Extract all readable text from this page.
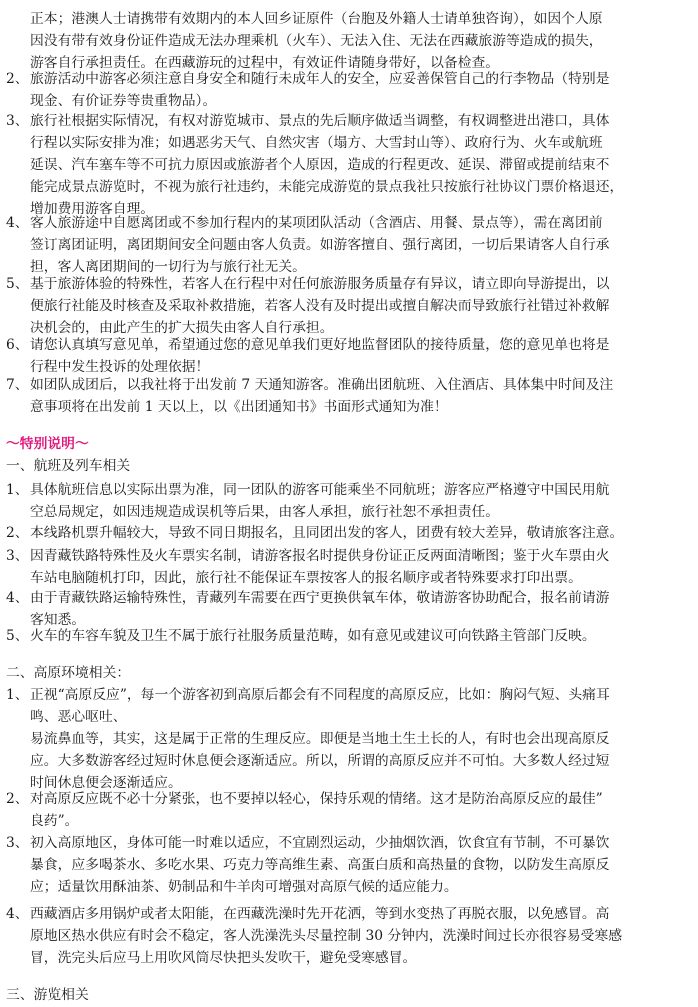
正本；港澳人士请携带有效期内的本人回乡证原件（台胞及外籍人士请单独咨询），如因个人原
因没有带有效身份证件造成无法办理乘机（火车）、无法入住、无法在西藏旅游等造成的损失，
游客自行承担责任。在西藏游玩的过程中，有效证件请随身带好，以备检查。
2、 旅游活动中游客必须注意自身安全和随行未成年人的安全，应妥善保管自己的行李物品（特别是
现金、有价证券等贵重物品）。
3、 旅行社根据实际情况，有权对游览城市、景点的先后顺序做适当调整，有权调整进出港口，具体
行程以实际安排为准；如遇恶劣天气、自然灾害（塌方、大雪封山等）、政府行为、火车或航班
延误、汽车塞车等不可抗力原因或旅游者个人原因，造成的行程更改、延误、滞留或提前结束不
能完成景点游览时，不视为旅行社违约，未能完成游览的景点我社只按旅行社协议门票价格退还，
增加费用游客自理。
4、 客人旅游途中自愿离团或不参加行程内的某项团队活动（含酒店、用餐、景点等），需在离团前
签订离团证明，离团期间安全问题由客人负责。如游客擅自、强行离团，一切后果请客人自行承
担，客人离团期间的一切行为与旅行社无关。
5、 基于旅游体验的特殊性，若客人在行程中对任何旅游服务质量存有异议，请立即向导游提出，以
便旅行社能及时核查及采取补救措施，若客人没有及时提出或擅自解决而导致旅行社错过补救解
决机会的，由此产生的扩大损失由客人自行承担。
6、 请您认真填写意见单，希望通过您的意见单我们更好地监督团队的接待质量，您的意见单也将是
行程中发生投诉的处理依据！
7、 如团队成团后，以我社将于出发前 7 天通知游客。准确出团航班、入住酒店、具体集中时间及注
意事项将在出发前 1 天以上，以《出团通知书》书面形式通知为准！
～特别说明～
一、航班及列车相关
1、 具体航班信息以实际出票为准，同一团队的游客可能乘坐不同航班；游客应严格遵守中国民用航
空总局规定，如因违规造成误机等后果，由客人承担，旅行社恕不承担责任。
2、 本线路机票升幅较大，导致不同日期报名，且同团出发的客人，团费有较大差异，敬请旅客注意。
3、 因青藏铁路特殊性及火车票实名制，请游客报名时提供身份证正反两面清晰图；鉴于火车票由火
车站电脑随机打印，因此，旅行社不能保证车票按客人的报名顺序或者特殊要求打印出票。
4、 由于青藏铁路运输特殊性，青藏列车需要在西宁更换供氧车体，敬请游客协助配合，报名前请游
客知悉。
5、 火车的车容车貌及卫生不属于旅行社服务质量范畴，如有意见或建议可向铁路主管部门反映。
二、高原环境相关：
1、 正视“高原反应”，每一个游客初到高原后都会有不同程度的高原反应，比如：胸闷气短、头痛耳
鸣、恶心呕吐、
易流鼻血等，其实，这是属于正常的生理反应。即便是当地土生土长的人，有时也会出现高原反
应。大多数游客经过短时休息便会逐渐适应。所以，所谓的高原反应并不可怕。大多数人经过短
时间休息便会逐渐适应。
2、 对高原反应既不必十分紧张，也不要掉以轻心，保持乐观的情绪。这才是防治高原反应的最佳”
良药”。
3、 初入高原地区，身体可能一时难以适应，不宜剧烈运动，少抽烟饮酒，饮食宜有节制，不可暴饮
暴食，应多喝茶水、多吃水果、巧克力等高维生素、高蛋白质和高热量的食物，以防发生高原反
应；适量饮用酥油茶、奶制品和牛羊肉可增强对高原气候的适应能力。
4、 西藏酒店多用锅炉或者太阳能，在西藏洗澡时先开花洒，等到水变热了再脱衣服，以免感冒。高
原地区热水供应有时会不稳定，客人洗澡洗头尽量控制 30 分钟内，洗澡时间过长亦很容易受寒感
冒，洗完头后应马上用吹风筒尽快把头发吹干，避免受寒感冒。
三、游览相关
